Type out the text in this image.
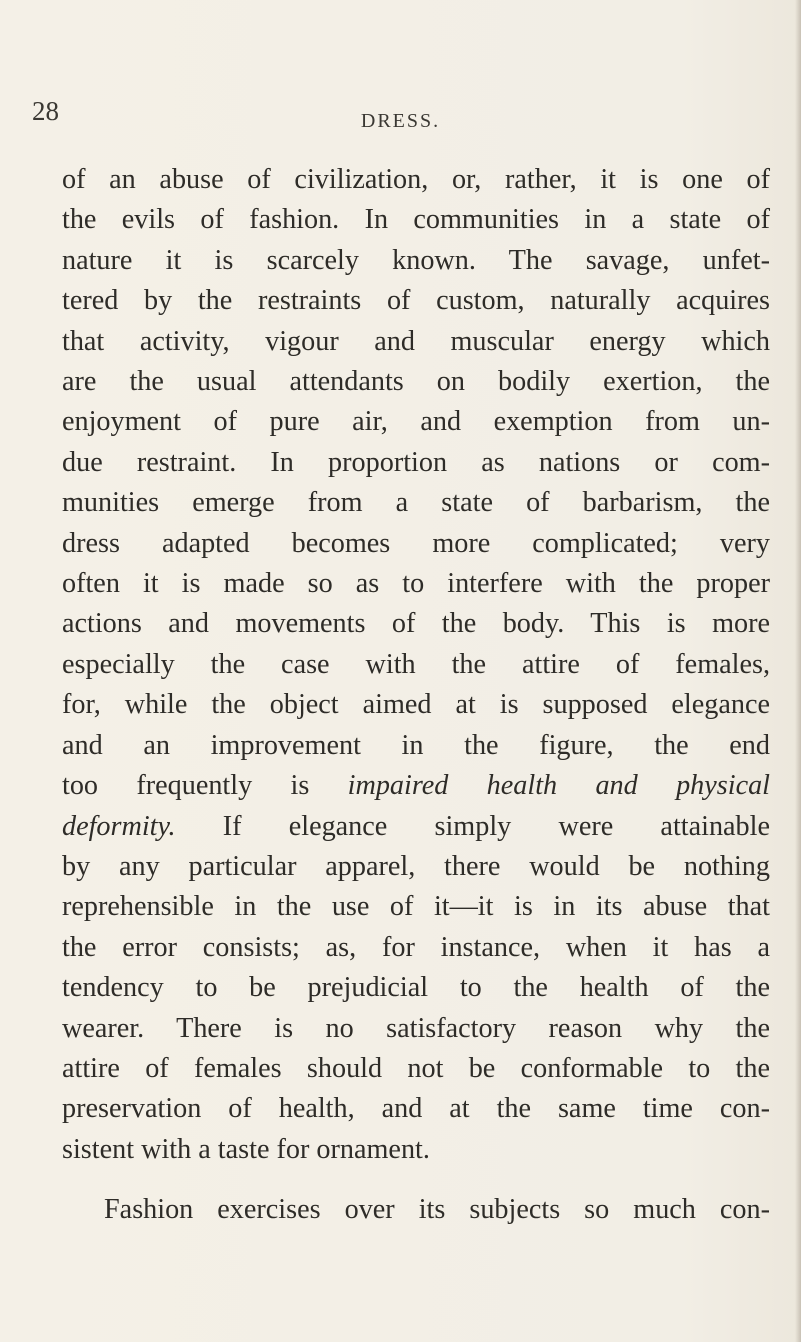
28	DRESS.

of an abuse of civilization, or, rather, it is one of
the evils of fashion. In communities in a state of
nature it is scarcely known. The savage, unfet-
tered by the restraints of custom, naturally acquires
that activity, vigour and muscular energy which
are the usual attendants on bodily exertion, the
enjoyment of pure air, and exemption from un-
due restraint. In proportion as nations or com-
munities emerge from a state of barbarism, the
dress adapted becomes more complicated; very
often it is made so as to interfere with the proper
actions and movements of the body. This is more
especially the case with the attire of females,
for, while the object aimed at is supposed elegance
and an improvement in the figure, the end
too frequently is impaired health and physical
deformity. If elegance simply were attainable
by any particular apparel, there would be nothing
reprehensible in the use of it—it is in its abuse that
the error consists; as, for instance, when it has a
tendency to be prejudicial to the health of the
wearer. There is no satisfactory reason why the
attire of females should not be conformable to the
preservation of health, and at the same time con-
sistent with a taste for ornament.

Fashion exercises over its subjects so much con-
